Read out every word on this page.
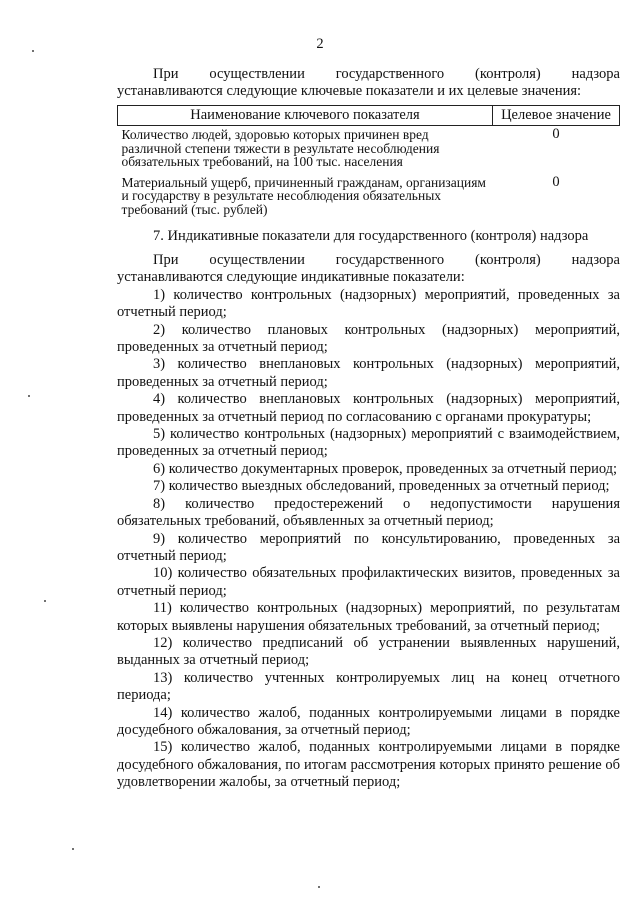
2
При осуществлении государственного (контроля) надзора устанавливаются следующие ключевые показатели и их целевые значения:
Наименование ключевого показателя	Целевое значение
Количество людей, здоровью которых причинен вред различной степени тяжести в результате несоблюдения обязательных требований, на 100 тыс. населения	0
Материальный ущерб, причиненный гражданам, организациям и государству в результате несоблюдения обязательных требований (тыс. рублей)	0
7. Индикативные показатели для государственного (контроля) надзора
При осуществлении государственного (контроля) надзора устанавливаются следующие индикативные показатели:
1) количество контрольных (надзорных) мероприятий, проведенных за отчетный период;
2) количество плановых контрольных (надзорных) мероприятий, проведенных за отчетный период;
3) количество внеплановых контрольных (надзорных) мероприятий, проведенных за отчетный период;
4) количество внеплановых контрольных (надзорных) мероприятий, проведенных за отчетный период по согласованию с органами прокуратуры;
5) количество контрольных (надзорных) мероприятий с взаимодействием, проведенных за отчетный период;
6) количество документарных проверок, проведенных за отчетный период;
7) количество выездных обследований, проведенных за отчетный период;
8) количество предостережений о недопустимости нарушения обязательных требований, объявленных за отчетный период;
9) количество мероприятий по консультированию, проведенных за отчетный период;
10) количество обязательных профилактических визитов, проведенных за отчетный период;
11) количество контрольных (надзорных) мероприятий, по результатам которых выявлены нарушения обязательных требований, за отчетный период;
12) количество предписаний об устранении выявленных нарушений, выданных за отчетный период;
13) количество учтенных контролируемых лиц на конец отчетного периода;
14) количество жалоб, поданных контролируемыми лицами в порядке досудебного обжалования, за отчетный период;
15) количество жалоб, поданных контролируемыми лицами в порядке досудебного обжалования, по итогам рассмотрения которых принято решение об удовлетворении жалобы, за отчетный период;
